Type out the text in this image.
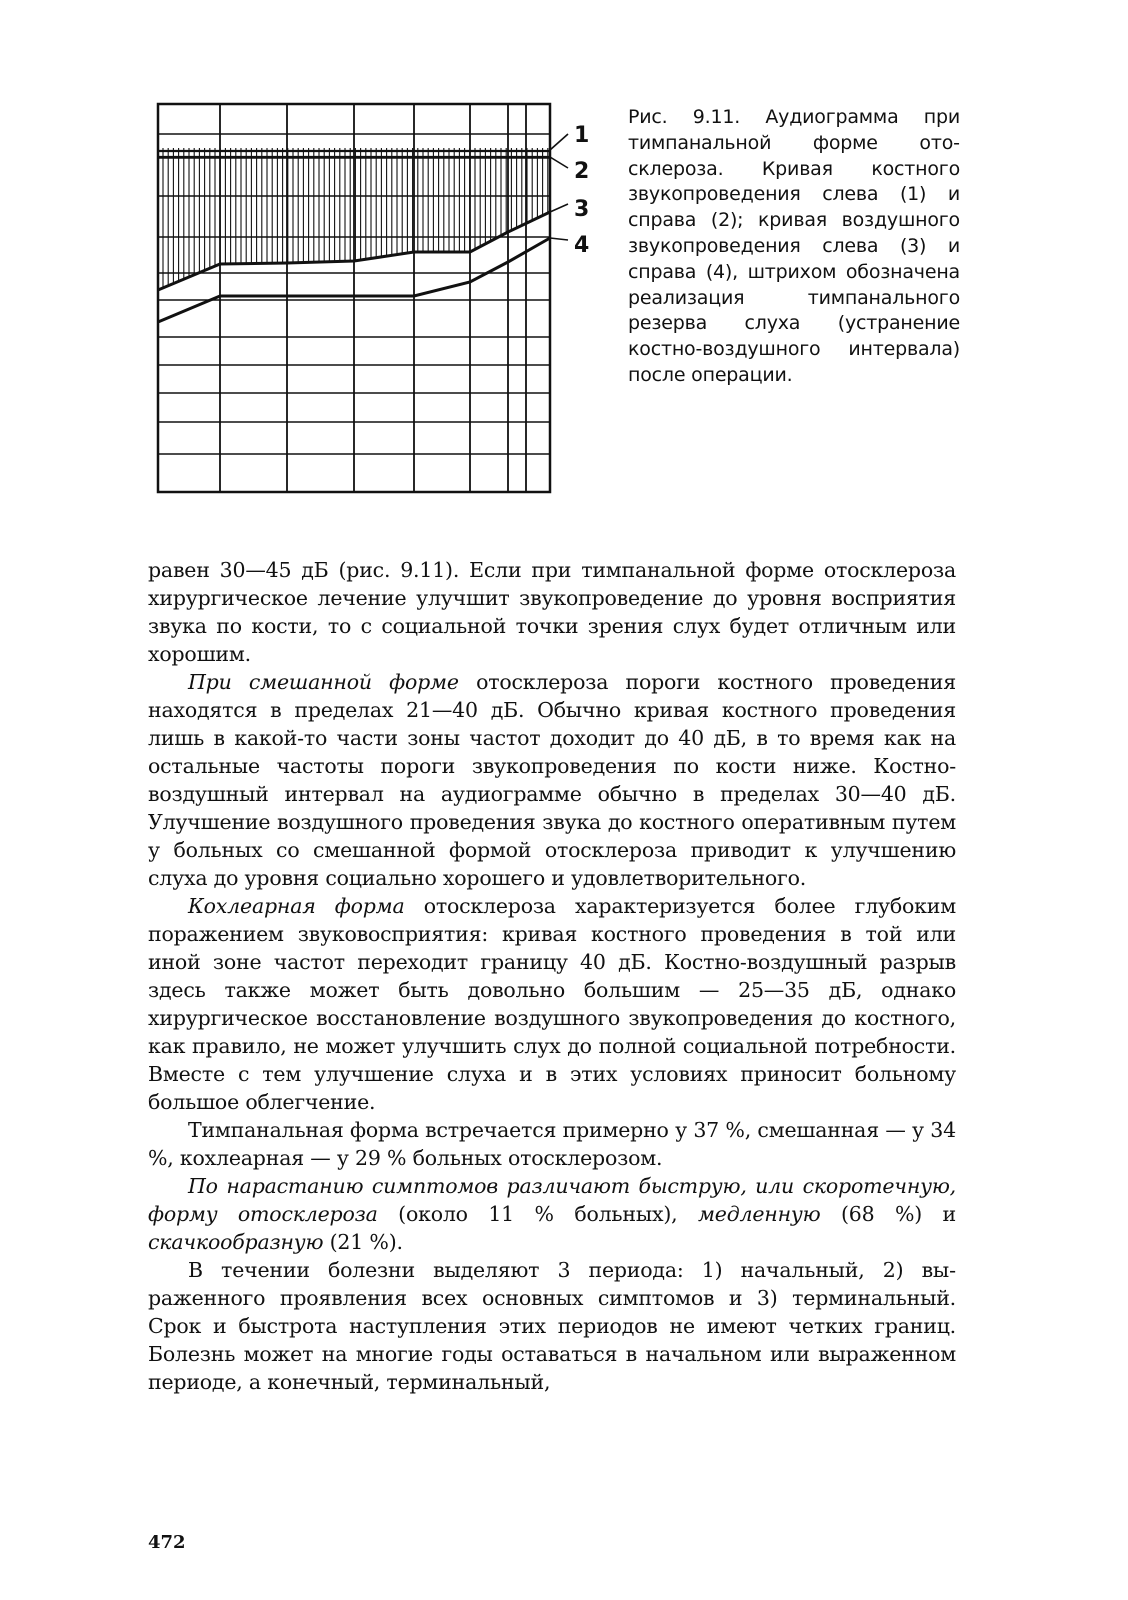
1
2
3
4
Рис. 9.11. Аудиограмма при тимпанальной форме отосклероза. Кривая костного звукопроведения слева (1) и справа (2); кривая воздушного звукопроведения слева (3) и справа (4), штрихом обозначена реализация тимпанального резерва слуха (устранение костно-воздушного интервала) после операции.

равен 30—45 дБ (рис. 9.11). Если при тимпанальной форме отосклероза хирургическое лечение улучшит звукопроведение до уровня восприятия звука по кости, то с социальной точки зрения слух будет отличным или хорошим.

При смешанной форме отосклероза пороги костного проведения находятся в пределах 21—40 дБ. Обычно кривая костного проведения лишь в какой-то части зоны частот доходит до 40 дБ, в то время как на остальные частоты пороги звукопроведения по кости ниже. Костно-воздушный интервал на аудиограмме обычно в пределах 30—40 дБ. Улучшение воздушного проведения звука до костного оперативным путем у больных со смешанной формой отосклероза приводит к улучшению слуха до уровня социально хорошего и удовлетворительного.

Кохлеарная форма отосклероза характеризуется более глубоким поражением звуковосприятия: кривая костного проведения в той или иной зоне частот переходит границу 40 дБ. Костно-воздушный разрыв здесь также может быть довольно большим — 25—35 дБ, однако хирургическое восстановление воздушного звукопроведения до костного, как правило, не может улучшить слух до полной социальной потребности. Вместе с тем улучшение слуха и в этих условиях приносит больному большое облегчение.

Тимпанальная форма встречается примерно у 37 %, смешанная — у 34 %, кохлеарная — у 29 % больных отосклерозом.

По нарастанию симптомов различают быструю, или скоротечную, форму отосклероза (около 11 % больных), медленную (68 %) и скачкообразную (21 %).

В течении болезни выделяют 3 периода: 1) начальный, 2) выраженного проявления всех основных симптомов и 3) терминальный. Срок и быстрота наступления этих периодов не имеют четких границ. Болезнь может на многие годы оставаться в начальном или выраженном периоде, а конечный, терминальный,

472
